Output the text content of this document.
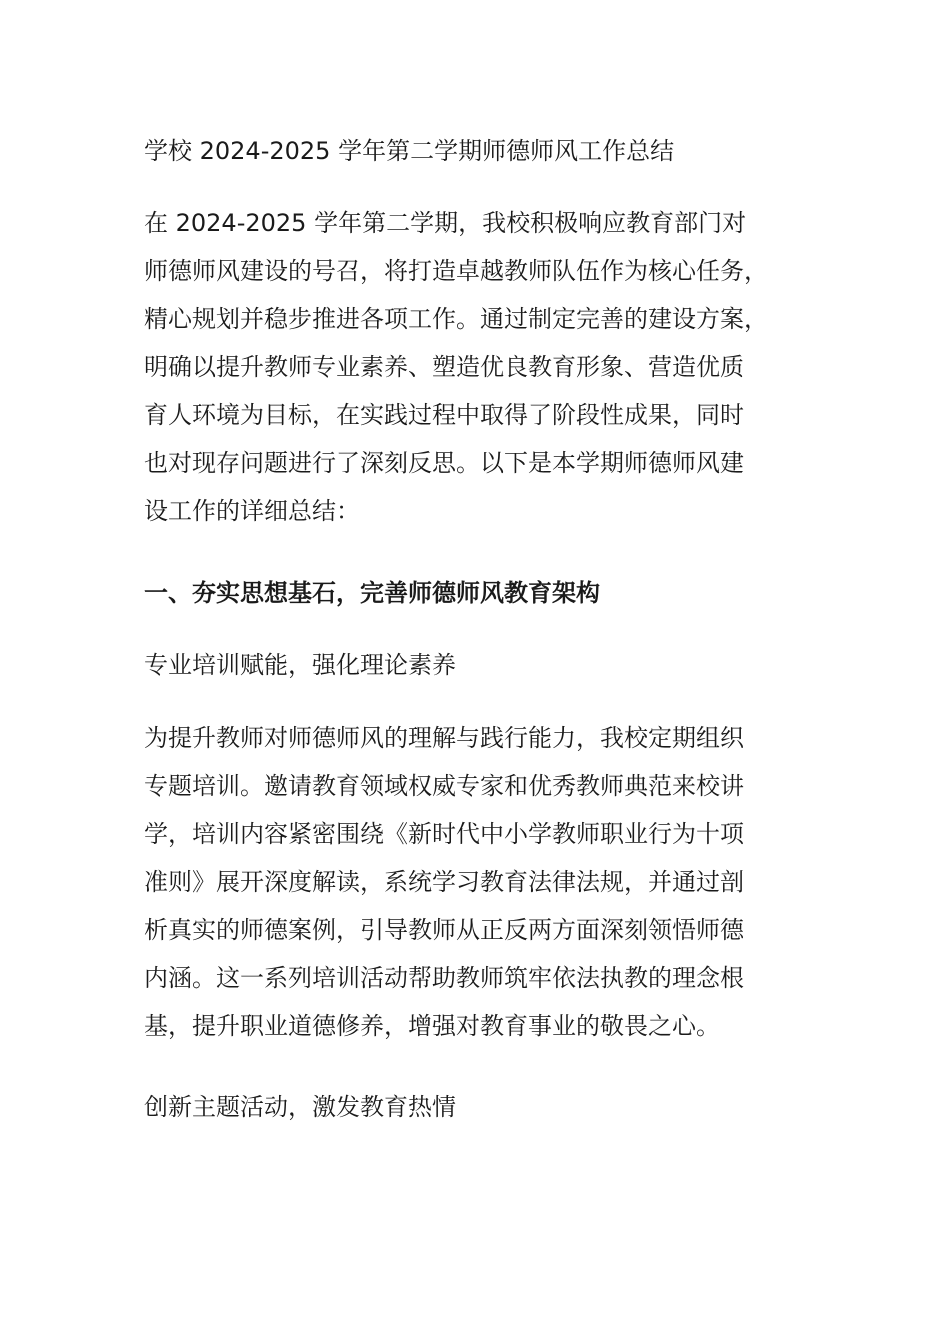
学校 2024-2025 学年第二学期师德师风工作总结
在 2024-2025 学年第二学期，我校积极响应教育部门对
师德师风建设的号召，将打造卓越教师队伍作为核心任务，
精心规划并稳步推进各项工作。通过制定完善的建设方案，
明确以提升教师专业素养、塑造优良教育形象、营造优质
育人环境为目标，在实践过程中取得了阶段性成果，同时
也对现存问题进行了深刻反思。以下是本学期师德师风建
设工作的详细总结：
一、夯实思想基石，完善师德师风教育架构
专业培训赋能，强化理论素养
为提升教师对师德师风的理解与践行能力，我校定期组织
专题培训。邀请教育领域权威专家和优秀教师典范来校讲
学，培训内容紧密围绕《新时代中小学教师职业行为十项
准则》展开深度解读，系统学习教育法律法规，并通过剖
析真实的师德案例，引导教师从正反两方面深刻领悟师德
内涵。这一系列培训活动帮助教师筑牢依法执教的理念根
基，提升职业道德修养，增强对教育事业的敬畏之心。
创新主题活动，激发教育热情
